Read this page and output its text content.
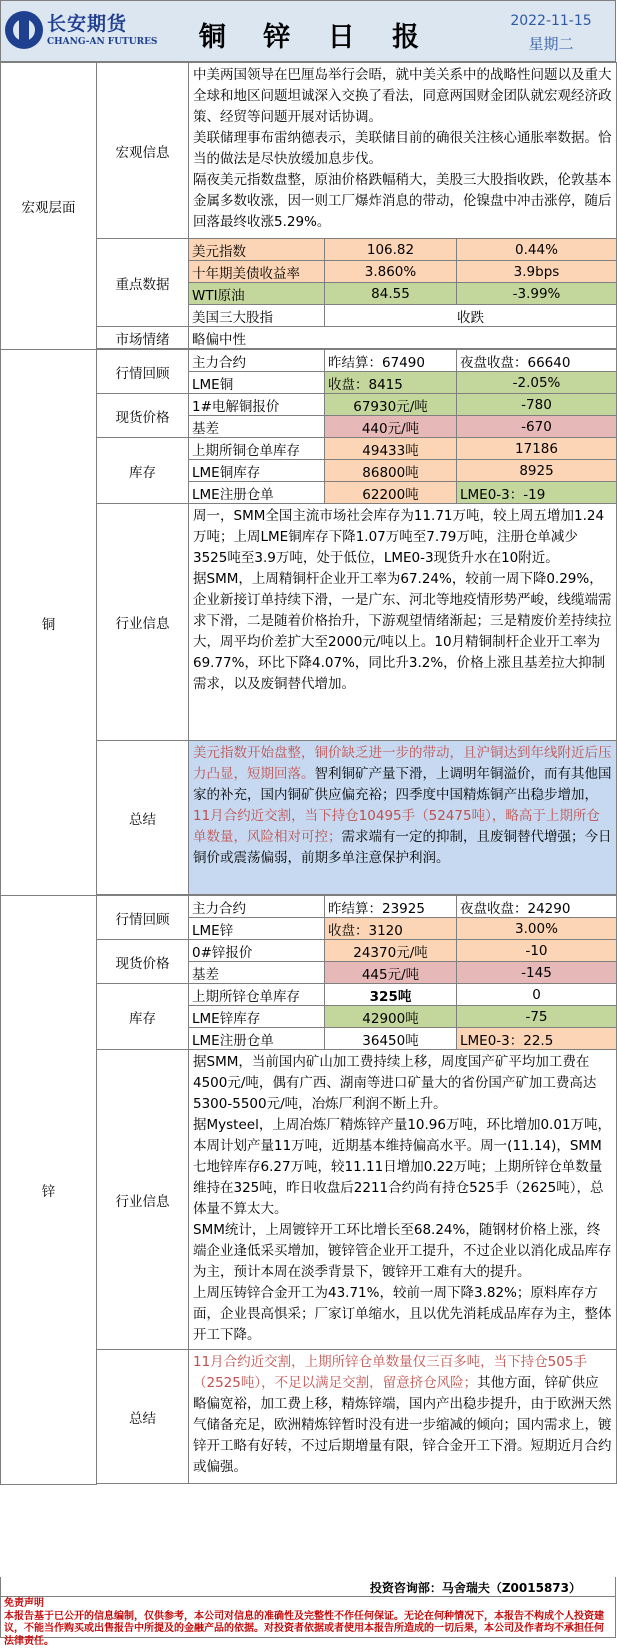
长安期货
CHANG-AN FUTURES 铜 锌 日 报
2022-11-15
星期二
宏观层面	宏观信息	中美两国领导在巴厘岛举行会晤，就中美关系中的战略性问题以及重大全球和地区问题坦诚深入交换了看法，同意两国财金团队就宏观经济政策、经贸等问题开展对话协调。
美联储理事布雷纳德表示，美联储目前的确很关注核心通胀率数据。恰当的做法是尽快放缓加息步伐。
隔夜美元指数盘整，原油价格跌幅稍大，美股三大股指收跌，伦敦基本金属多数收涨，因一则工厂爆炸消息的带动，伦镍盘中冲击涨停，随后回落最终收涨5.29%。		
	重点数据	美元指数	106.82	0.44%
		十年期美债收益率	3.860%	3.9bps
		WTI原油	84.55	-3.99%
		美国三大股指	收跌	
	市场情绪	略偏中性		

铜	行情回顾	主力合约	昨结算：67490	夜盘收盘：66640
		LME铜	收盘：8415	-2.05%
	现货价格	1#电解铜报价	67930元/吨	-780
		基差	440元/吨	-670
	库存	上期所铜仓单库存	49433吨	17186
		LME铜库存	86800吨	8925
		LME注册仓单	62200吨	LME0-3：-19
	行业信息	周一，SMM全国主流市场社会库存为11.71万吨，较上周五增加1.24万吨；上周LME铜库存下降1.07万吨至7.79万吨，注册仓单减少3525吨至3.9万吨，处于低位，LME0-3现货升水在10附近。
据SMM，上周精铜杆企业开工率为67.24%，较前一周下降0.29%，企业新接订单持续下滑，一是广东、河北等地疫情形势严峻，线缆端需求下滑，二是随着价格抬升，下游观望情绪渐起；三是精废价差持续拉大，周平均价差扩大至2000元/吨以上。10月精铜制杆企业开工率为69.77%，环比下降4.07%，同比升3.2%，价格上涨且基差拉大抑制需求，以及废铜替代增加。		
	总结	美元指数开始盘整，铜价缺乏进一步的带动，且沪铜达到年线附近后压力凸显，短期回落。智利铜矿产量下滑，上调明年铜溢价，而有其他国家的补充，国内铜矿供应偏充裕；四季度中国精炼铜产出稳步增加，11月合约近交割，当下持仓10495手（52475吨），略高于上期所仓单数量，风险相对可控；需求端有一定的抑制，且废铜替代增强；今日铜价或震荡偏弱，前期多单注意保护利润。		

锌	行情回顾	主力合约	昨结算：23925	夜盘收盘：24290
		LME锌	收盘：3120	3.00%
	现货价格	0#锌报价	24370元/吨	-10
		基差	445元/吨	-145
	库存	上期所锌仓单库存	325吨	0
		LME锌库存	42900吨	-75
		LME注册仓单	36450吨	LME0-3：22.5
	行业信息	据SMM，当前国内矿山加工费持续上移，周度国产矿平均加工费在4500元/吨，偶有广西、湖南等进口矿量大的省份国产矿加工费高达5300-5500元/吨，冶炼厂利润不断上升。
据Mysteel，上周冶炼厂精炼锌产量10.96万吨，环比增加0.01万吨，本周计划产量11万吨，近期基本维持偏高水平。周一(11.14)，SMM七地锌库存6.27万吨，较11.11日增加0.22万吨；上期所锌仓单数量维持在325吨，昨日收盘后2211合约尚有持仓525手（2625吨），总体量不算太大。
SMM统计，上周镀锌开工环比增长至68.24%，随钢材价格上涨，终端企业逢低采买增加，镀锌管企业开工提升，不过企业以消化成品库存为主，预计本周在淡季背景下，镀锌开工难有大的提升。
上周压铸锌合金开工为43.71%，较前一周下降3.82%；原料库存方面，企业畏高惧采；厂家订单缩水，且以优先消耗成品库存为主，整体开工下降。		
	总结	11月合约近交割，上期所锌仓单数量仅三百多吨，当下持仓505手（2525吨），不足以满足交割，留意挤仓风险；其他方面，锌矿供应略偏宽裕，加工费上移，精炼锌端，国内产出稳步提升，由于欧洲天然气储备充足，欧洲精炼锌暂时没有进一步缩减的倾向；国内需求上，镀锌开工略有好转，不过后期增量有限，锌合金开工下滑。短期近月合约或偏强。		

投资咨询部：马舍瑞夫（Z0015873）
免责声明
本报告基于已公开的信息编制，仅供参考，本公司对信息的准确性及完整性不作任何保证。无论在何种情况下，本报告不构成个人投资建议，不能当作购买或出售报告中所提及的金融产品的依据。对投资者依据或者使用本报告所造成的一切后果，本公司及作者均不承担任何法律责任。
